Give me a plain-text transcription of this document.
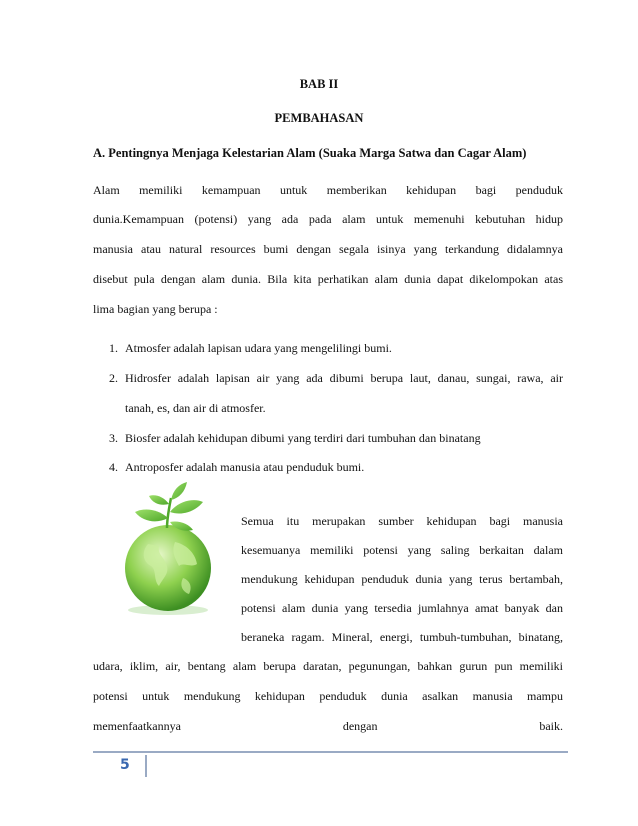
BAB II
PEMBAHASAN
A. Pentingnya Menjaga Kelestarian Alam (Suaka Marga Satwa dan Cagar Alam)
Alam memiliki kemampuan untuk memberikan kehidupan bagi penduduk
dunia.Kemampuan (potensi) yang ada pada alam untuk memenuhi kebutuhan hidup
manusia atau natural resources bumi dengan segala isinya yang terkandung didalamnya
disebut pula dengan alam dunia. Bila kita perhatikan alam dunia dapat dikelompokan atas
lima bagian yang berupa :
1. Atmosfer adalah lapisan udara yang mengelilingi bumi.
2. Hidrosfer adalah lapisan air yang ada dibumi berupa laut, danau, sungai, rawa, air
tanah, es, dan air di atmosfer.
3. Biosfer adalah kehidupan dibumi yang terdiri dari tumbuhan dan binatang
4. Antroposfer adalah manusia atau penduduk bumi.
Semua itu merupakan sumber kehidupan bagi manusia
kesemuanya memiliki potensi yang saling berkaitan dalam
mendukung kehidupan penduduk dunia yang terus bertambah,
potensi alam dunia yang tersedia jumlahnya amat banyak dan
beraneka ragam. Mineral, energi, tumbuh-tumbuhan, binatang,
udara, iklim, air, bentang alam berupa daratan, pegunungan, bahkan gurun pun memiliki
potensi untuk mendukung kehidupan penduduk dunia asalkan manusia mampu
memenfaatkannya dengan baik.
5
